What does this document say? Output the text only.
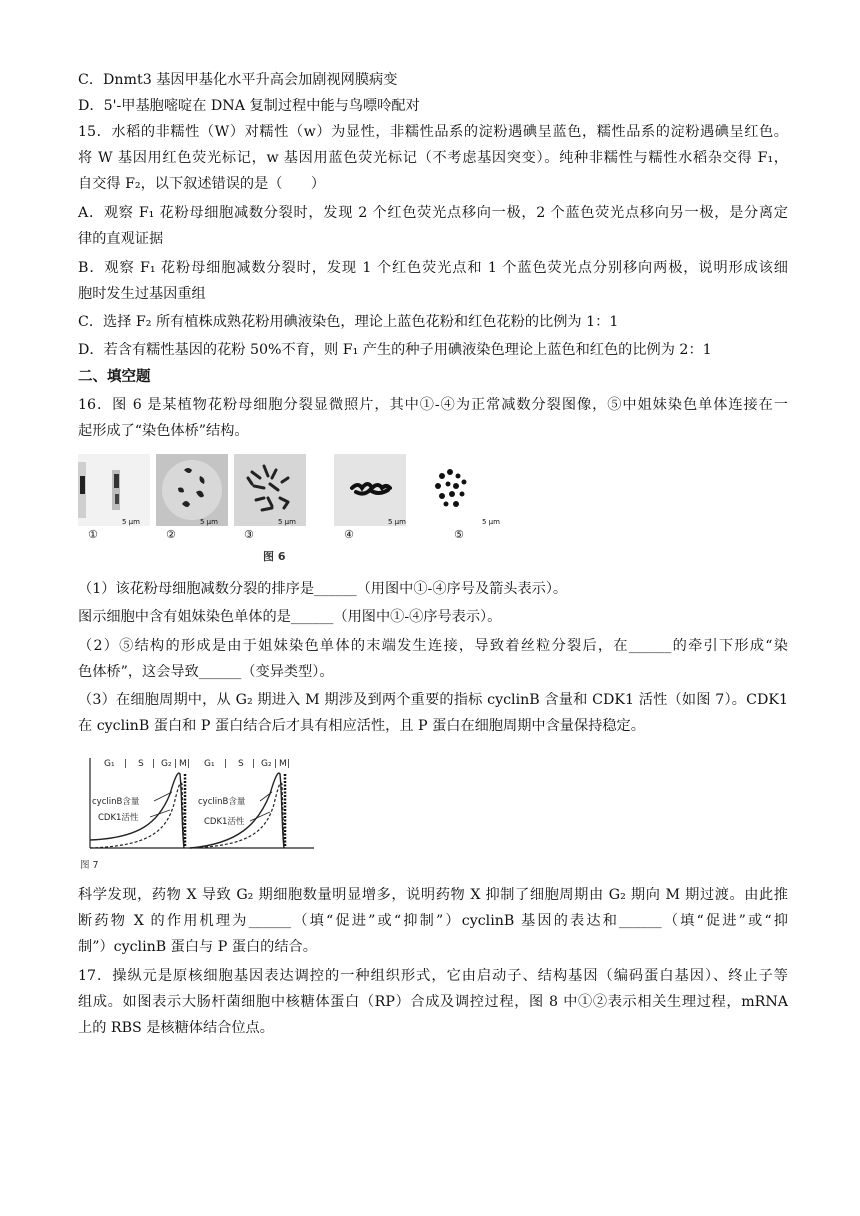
C．Dnmt3 基因甲基化水平升高会加剧视网膜病变
D．5'-甲基胞嘧啶在 DNA 复制过程中能与鸟嘌呤配对
15．水稻的非糯性（W）对糯性（w）为显性，非糯性品系的淀粉遇碘呈蓝色，糯性品系的淀粉遇碘呈红色。
将 W 基因用红色荧光标记，w 基因用蓝色荧光标记（不考虑基因突变）。纯种非糯性与糯性水稻杂交得 F₁，
自交得 F₂，以下叙述错误的是（　　）
A．观察 F₁ 花粉母细胞减数分裂时，发现 2 个红色荧光点移向一极，2 个蓝色荧光点移向另一极，是分离定
律的直观证据
B．观察 F₁ 花粉母细胞减数分裂时，发现 1 个红色荧光点和 1 个蓝色荧光点分别移向两极，说明形成该细
胞时发生过基因重组
C．选择 F₂ 所有植株成熟花粉用碘液染色，理论上蓝色花粉和红色花粉的比例为 1：1
D．若含有糯性基因的花粉 50%不育，则 F₁ 产生的种子用碘液染色理论上蓝色和红色的比例为 2：1
二、填空题
16．图 6 是某植物花粉母细胞分裂显微照片，其中①-④为正常减数分裂图像，⑤中姐妹染色单体连接在一
起形成了“染色体桥”结构。
5 μm
①
5 μm
②
5 μm
③
5 μm
④
5 μm
⑤
图 6
（1）该花粉母细胞减数分裂的排序是______（用图中①-④序号及箭头表示）。
图示细胞中含有姐妹染色单体的是______（用图中①-④序号表示）。
（2）⑤结构的形成是由于姐妹染色单体的末端发生连接，导致着丝粒分裂后，在______的牵引下形成“染
色体桥”，这会导致______（变异类型）。
（3）在细胞周期中，从 G₂ 期进入 M 期涉及到两个重要的指标 cyclinB 含量和 CDK1 活性（如图 7）。CDK1
在 cyclinB 蛋白和 P 蛋白结合后才具有相应活性，且 P 蛋白在细胞周期中含量保持稳定。
G₁ | S | G₂ | M | G₁ | S | G₂ | M |
cyclinB含量
CDK1活性
cyclinB含量
CDK1活性
图 7
科学发现，药物 X 导致 G₂ 期细胞数量明显增多，说明药物 X 抑制了细胞周期由 G₂ 期向 M 期过渡。由此推
断药物 X 的作用机理为______（填“促进”或“抑制”）cyclinB 基因的表达和______（填“促进”或“抑
制”）cyclinB 蛋白与 P 蛋白的结合。
17．操纵元是原核细胞基因表达调控的一种组织形式，它由启动子、结构基因（编码蛋白基因）、终止子等
组成。如图表示大肠杆菌细胞中核糖体蛋白（RP）合成及调控过程，图 8 中①②表示相关生理过程，mRNA
上的 RBS 是核糖体结合位点。
